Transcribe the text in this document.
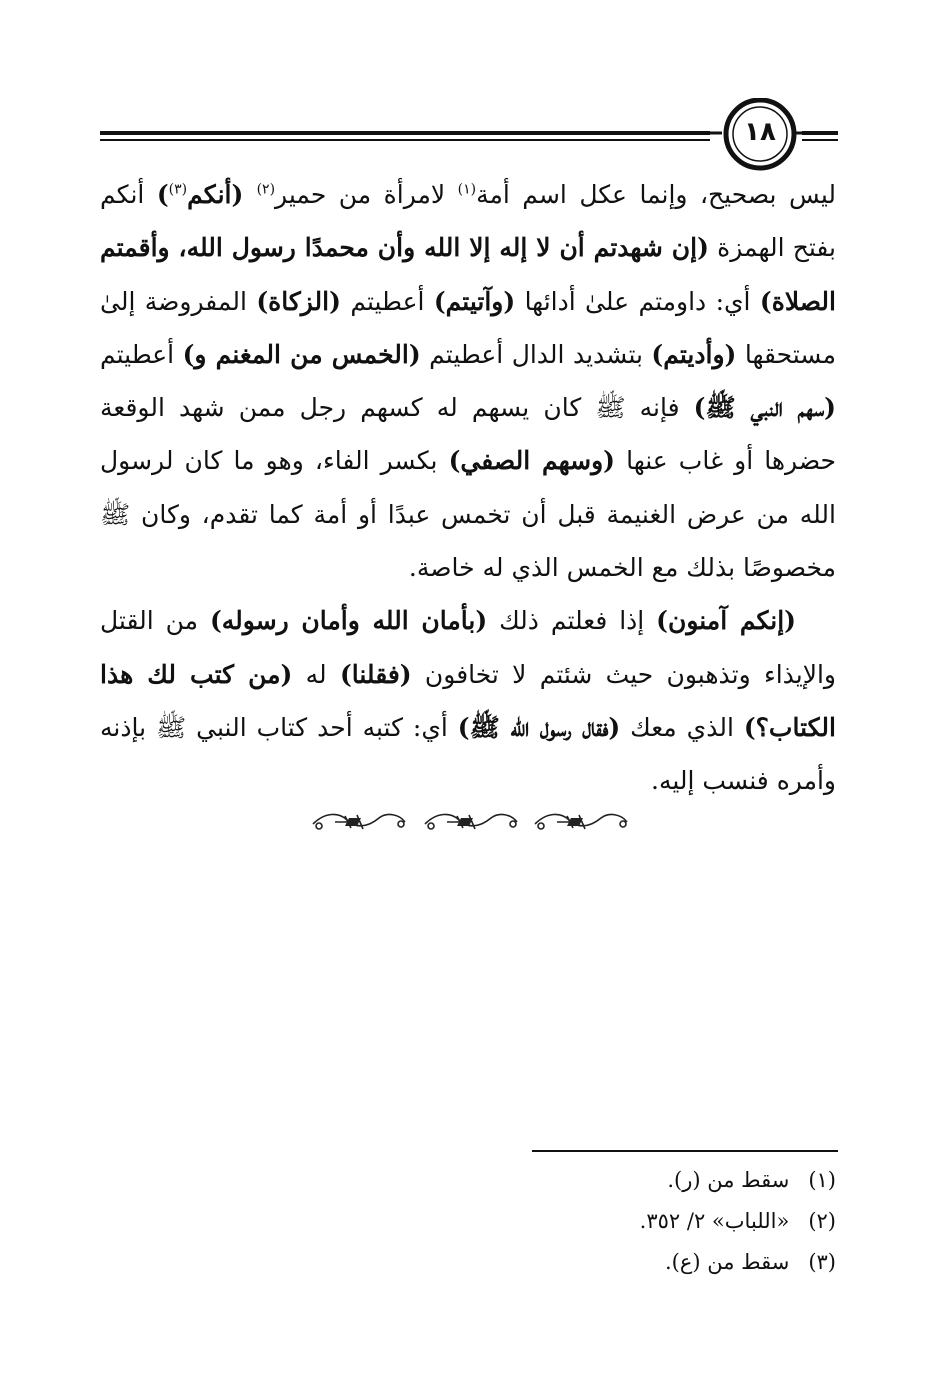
١٨

ليس بصحيح، وإنما عكل اسم أمة$^{(١)}$ لامرأة من حمير$^{(٢)}$ (أنكم$^{(٣)}$) أنكم بفتح الهمزة (إن شهدتم أن لا إله إلا الله وأن محمدًا رسول الله، وأقمتم الصلاة) أي: داومتم علىٰ أدائها (وآتيتم) أعطيتم (الزكاة) المفروضة إلىٰ مستحقها (وأديتم) بتشديد الدال أعطيتم (الخمس من المغنم و) أعطيتم (سهم النبي ﷺ) فإنه ﷺ كان يسهم له كسهم رجل ممن شهد الوقعة حضرها أو غاب عنها (وسهم الصفي) بكسر الفاء، وهو ما كان لرسول الله من عرض الغنيمة قبل أن تخمس عبدًا أو أمة كما تقدم، وكان ﷺ مخصوصًا بذلك مع الخمس الذي له خاصة.

(إنكم آمنون) إذا فعلتم ذلك (بأمان الله وأمان رسوله) من القتل والإيذاء وتذهبون حيث شئتم لا تخافون (فقلنا) له (من كتب لك هذا الكتاب؟) الذي معك (فقال رسول الله ﷺ) أي: كتبه أحد كتاب النبي ﷺ بإذنه وأمره فنسب إليه.

(١) سقط من (ر).
(٢) «اللباب» ٢/ ٣٥٢.
(٣) سقط من (ع).
